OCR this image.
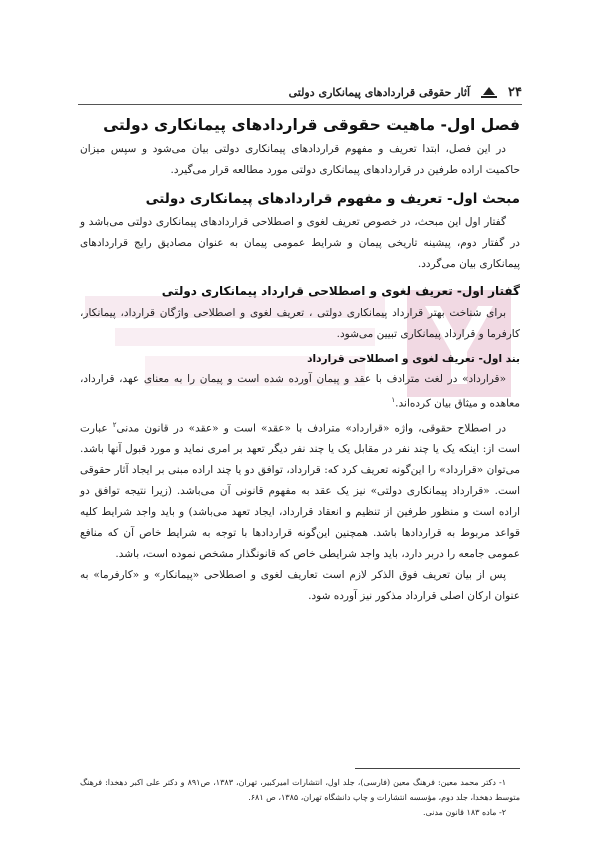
۲۴
آثار حقوقی قراردادهای پیمانکاری دولتی
فصل اول- ماهیت حقوقی قراردادهای پیمانکاری دولتی

در این فصل، ابتدا تعریف و مفهوم قراردادهای پیمانکاری دولتی بیان می‌شود و سپس میزان حاکمیت اراده طرفین در قراردادهای پیمانکاری دولتی مورد مطالعه قرار می‌گیرد.

مبحث اول- تعریف و مفهوم قراردادهای پیمانکاری دولتی

گفتار اول این مبحث، در خصوص تعریف لغوی و اصطلاحی قراردادهای پیمانکاری دولتی می‌باشد و در گفتار دوم، پیشینه تاریخی پیمان و شرایط عمومی پیمان به عنوان مصادیق رایج قراردادهای پیمانکاری بیان می‌گردد.

گفتار اول- تعریف لغوی و اصطلاحی قرارداد پیمانکاری دولتی

برای شناخت بهتر قرارداد پیمانکاری دولتی ، تعریف لغوی و اصطلاحی واژگان قرارداد، پیمانکار، کارفرما و قرارداد پیمانکاری تبیین می‌شود.

بند اول- تعریف لغوی و اصطلاحی قرارداد

«قرارداد» در لغت مترادف با عقد و پیمان آورده شده است و پیمان را به معنای عهد، قرارداد، معاهده و میثاق بیان کرده‌اند.$^۱$

در اصطلاح حقوقی، واژه «قرارداد» مترادف با «عقد» است و «عقد» در قانون مدنی$^۲$ عبارت است از: اینکه یک یا چند نفر در مقابل یک یا چند نفر دیگر تعهد بر امری نماید و مورد قبول آنها باشد. می‌توان «قرارداد» را این‌گونه تعریف کرد که: قرارداد، توافق دو یا چند اراده مبنی بر ایجاد آثار حقوقی است. «قرارداد پیمانکاری دولتی» نیز یک عقد به مفهوم قانونی آن می‌باشد. (زیرا نتیجه توافق دو اراده است و منظور طرفین از تنظیم و انعقاد قرارداد، ایجاد تعهد می‌باشد) و باید واجد شرایط کلیه قواعد مربوط به قراردادها باشد. همچنین این‌گونه قراردادها با توجه به شرایط خاص آن که منافع عمومی جامعه را دربر دارد، باید واجد شرایطی خاص که قانونگذار مشخص نموده است، باشد.

پس از بیان تعریف فوق الذکر لازم است تعاریف لغوی و اصطلاحی «پیمانکار» و «کارفرما» به عنوان ارکان اصلی قرارداد مذکور نیز آورده شود.

۱- دکتر محمد معین: فرهنگ معین (فارسی)، جلد اول، انتشارات امیرکبیر، تهران، ۱۳۸۳، ص۸۹۱ و دکتر علی اکبر دهخدا: فرهنگ متوسط دهخدا، جلد دوم، مؤسسه انتشارات و چاپ دانشگاه تهران، ۱۳۸۵، ص ۶۸۱.

۲- ماده ۱۸۳ قانون مدنی.
